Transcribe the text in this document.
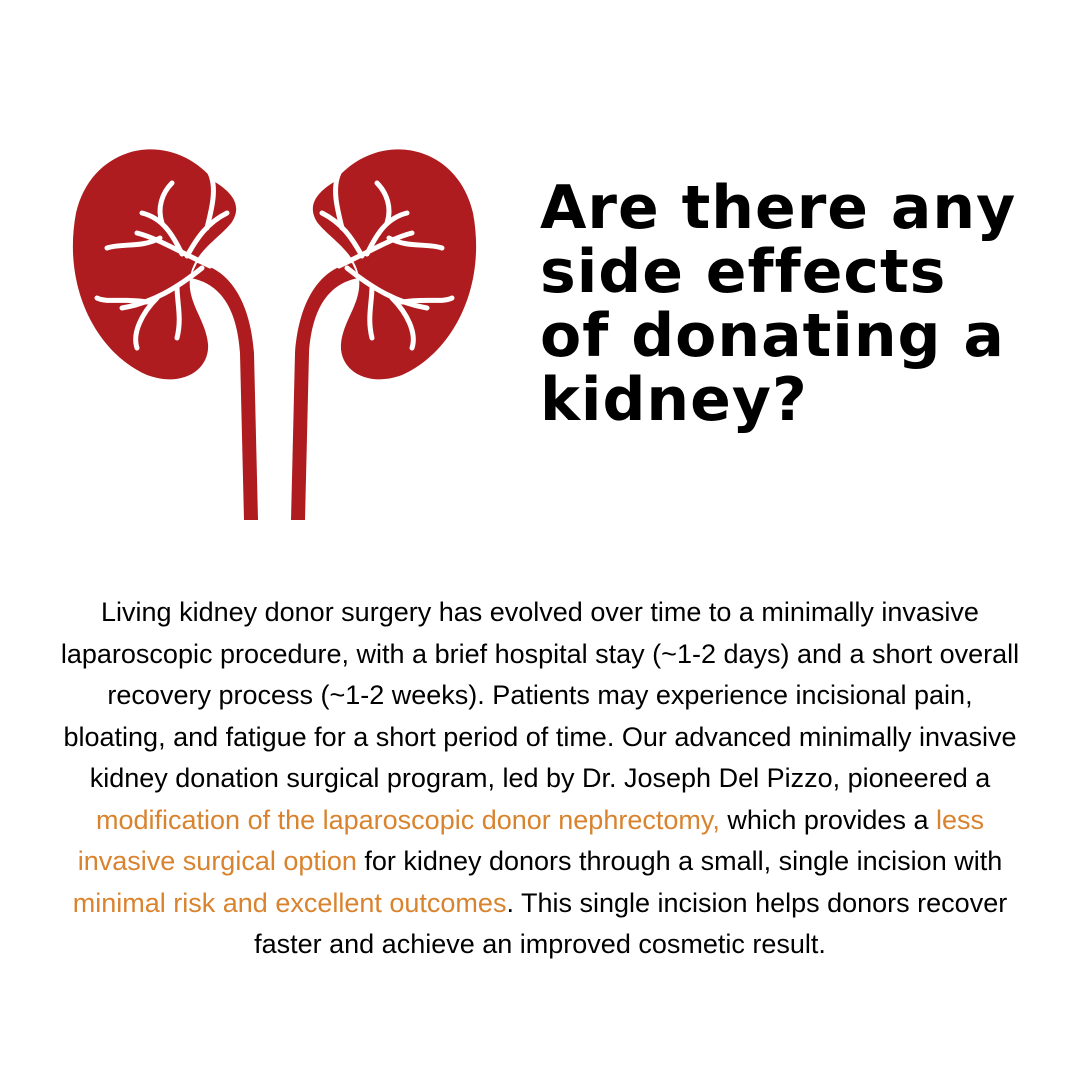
Are there any
side effects
of donating a
kidney?

Living kidney donor surgery has evolved over time to a minimally invasive laparoscopic procedure, with a brief hospital stay (~1-2 days) and a short overall recovery process (~1-2 weeks). Patients may experience incisional pain, bloating, and fatigue for a short period of time. Our advanced minimally invasive kidney donation surgical program, led by Dr. Joseph Del Pizzo, pioneered a modification of the laparoscopic donor nephrectomy, which provides a less invasive surgical option for kidney donors through a small, single incision with minimal risk and excellent outcomes. This single incision helps donors recover faster and achieve an improved cosmetic result.
